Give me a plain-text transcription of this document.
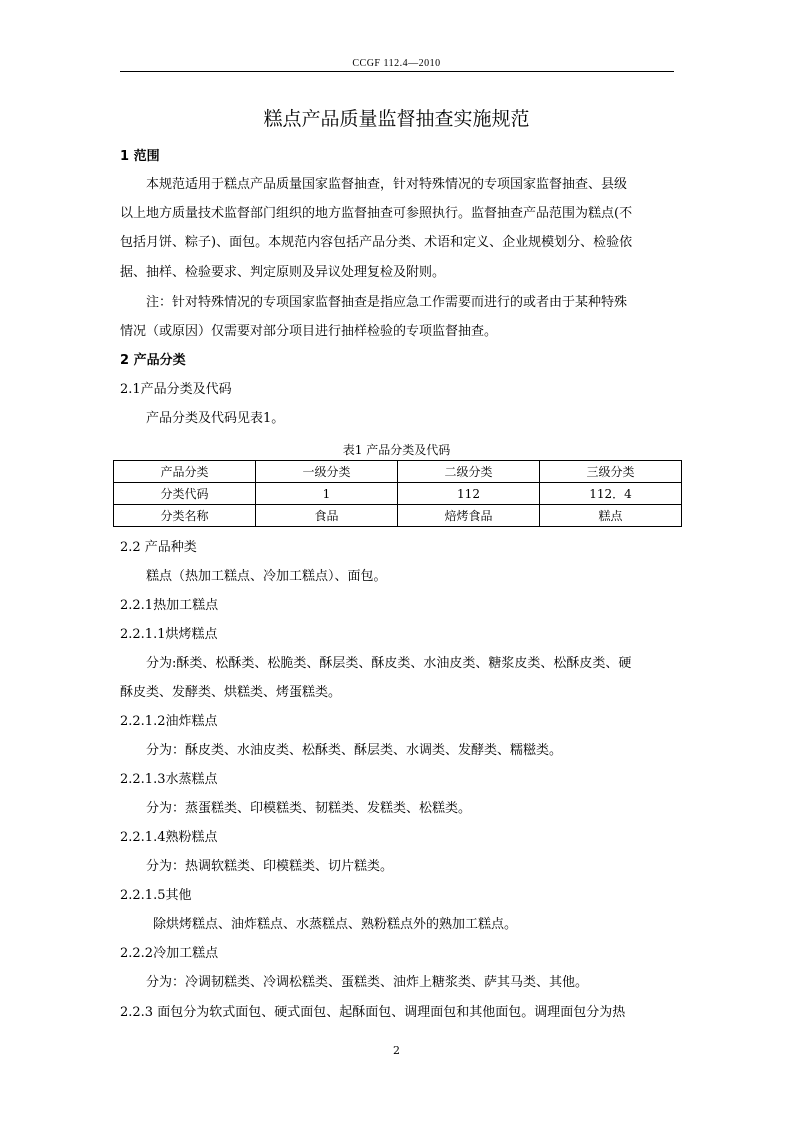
CCGF 112.4—2010
糕点产品质量监督抽查实施规范
1 范围
本规范适用于糕点产品质量国家监督抽查，针对特殊情况的专项国家监督抽查、县级
以上地方质量技术监督部门组织的地方监督抽查可参照执行。监督抽查产品范围为糕点(不
包括月饼、粽子)、面包。本规范内容包括产品分类、术语和定义、企业规模划分、检验依
据、抽样、检验要求、判定原则及异议处理复检及附则。
注：针对特殊情况的专项国家监督抽查是指应急工作需要而进行的或者由于某种特殊
情况（或原因）仅需要对部分项目进行抽样检验的专项监督抽查。
2 产品分类
2.1产品分类及代码
产品分类及代码见表1。
表1 产品分类及代码
产品分类	一级分类	二级分类	三级分类
分类代码	1	112	112．4
分类名称	食品	焙烤食品	糕点
2.2 产品种类
糕点（热加工糕点、冷加工糕点）、面包。
2.2.1热加工糕点
2.2.1.1烘烤糕点
分为:酥类、松酥类、松脆类、酥层类、酥皮类、水油皮类、糖浆皮类、松酥皮类、硬
酥皮类、发酵类、烘糕类、烤蛋糕类。
2.2.1.2油炸糕点
分为：酥皮类、水油皮类、松酥类、酥层类、水调类、发酵类、糯糍类。
2.2.1.3水蒸糕点
分为：蒸蛋糕类、印模糕类、韧糕类、发糕类、松糕类。
2.2.1.4熟粉糕点
分为：热调软糕类、印模糕类、切片糕类。
2.2.1.5其他
除烘烤糕点、油炸糕点、水蒸糕点、熟粉糕点外的熟加工糕点。
2.2.2冷加工糕点
分为：冷调韧糕类、冷调松糕类、蛋糕类、油炸上糖浆类、萨其马类、其他。
2.2.3 面包分为软式面包、硬式面包、起酥面包、调理面包和其他面包。调理面包分为热
2
